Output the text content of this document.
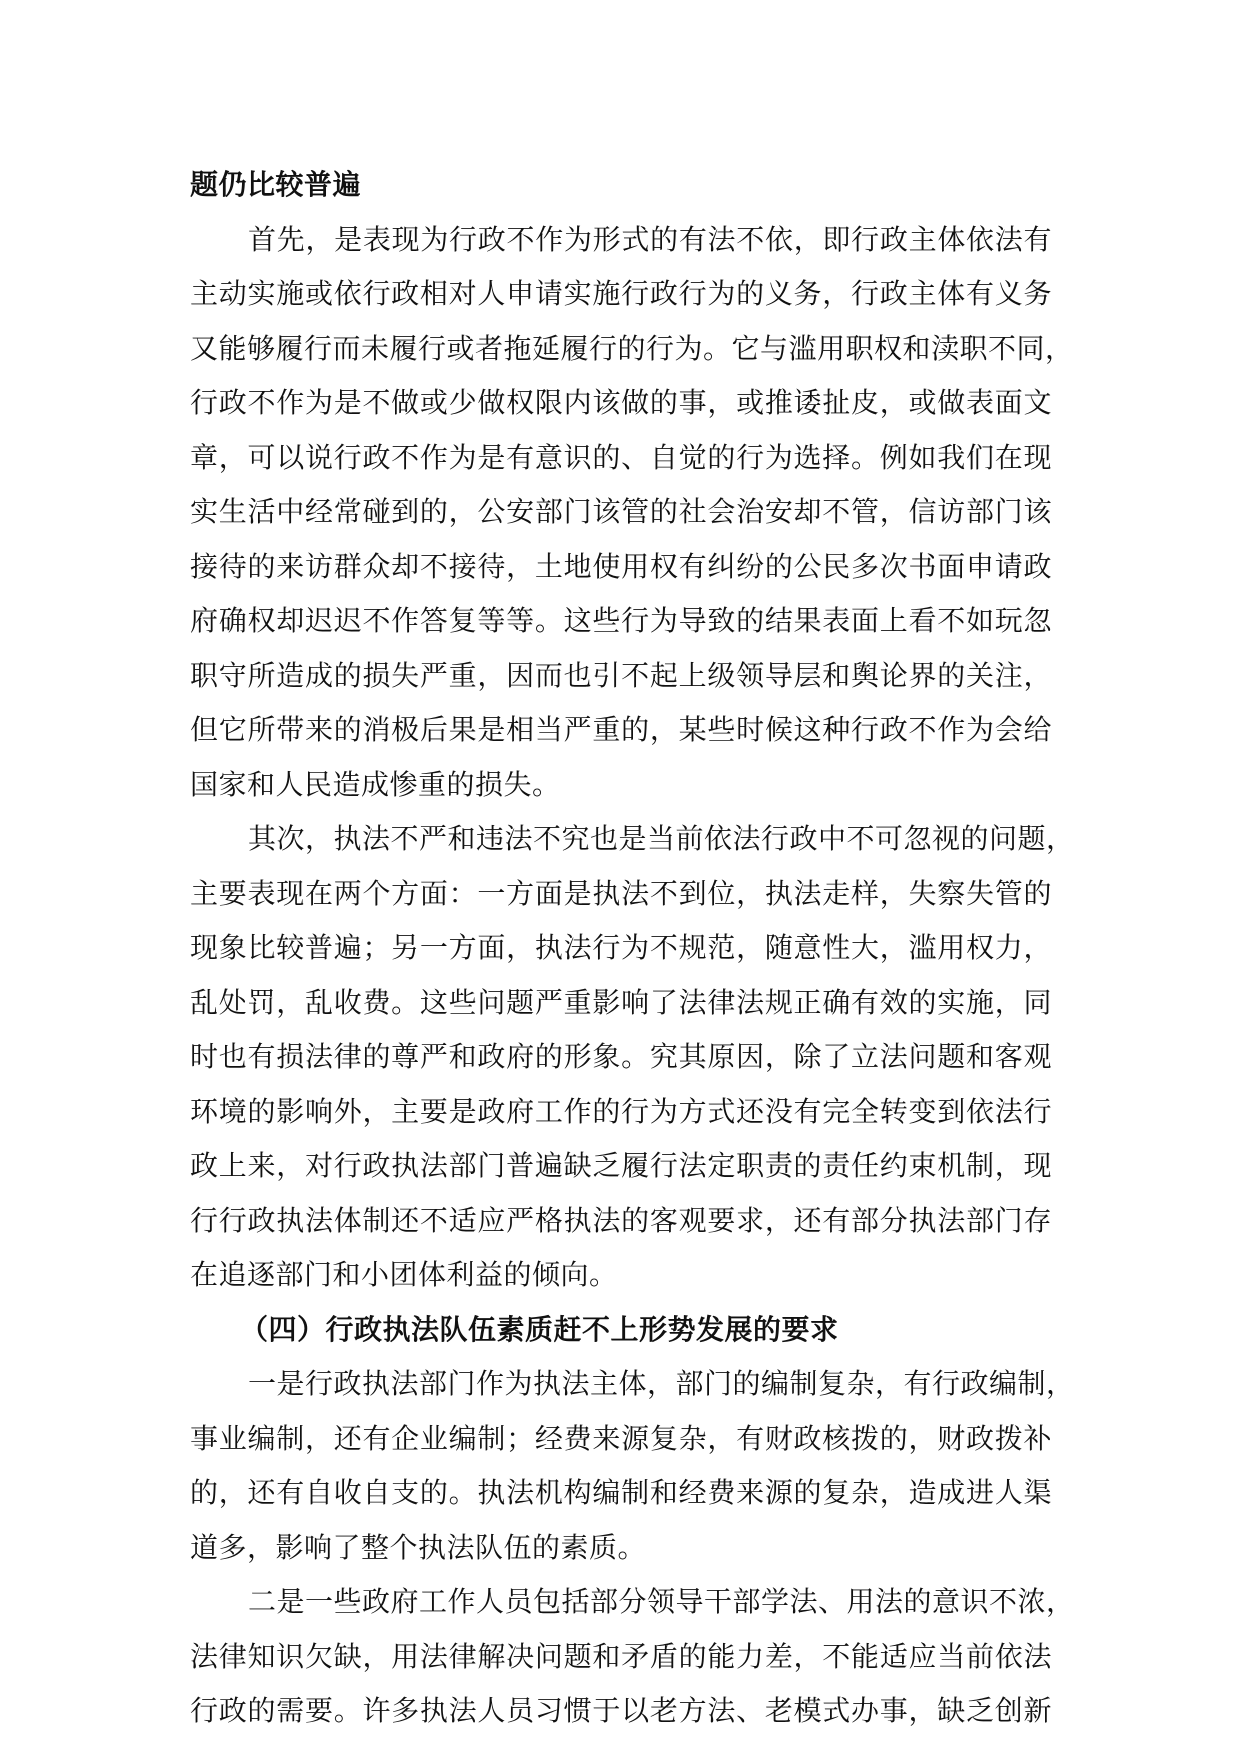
题仍比较普遍
首先，是表现为行政不作为形式的有法不依，即行政主体依法有
主动实施或依行政相对人申请实施行政行为的义务，行政主体有义务
又能够履行而未履行或者拖延履行的行为。它与滥用职权和渎职不同，
行政不作为是不做或少做权限内该做的事，或推诿扯皮，或做表面文
章，可以说行政不作为是有意识的、自觉的行为选择。例如我们在现
实生活中经常碰到的，公安部门该管的社会治安却不管，信访部门该
接待的来访群众却不接待，土地使用权有纠纷的公民多次书面申请政
府确权却迟迟不作答复等等。这些行为导致的结果表面上看不如玩忽
职守所造成的损失严重，因而也引不起上级领导层和舆论界的关注，
但它所带来的消极后果是相当严重的，某些时候这种行政不作为会给
国家和人民造成惨重的损失。
其次，执法不严和违法不究也是当前依法行政中不可忽视的问题，
主要表现在两个方面：一方面是执法不到位，执法走样，失察失管的
现象比较普遍；另一方面，执法行为不规范，随意性大，滥用权力，
乱处罚，乱收费。这些问题严重影响了法律法规正确有效的实施，同
时也有损法律的尊严和政府的形象。究其原因，除了立法问题和客观
环境的影响外，主要是政府工作的行为方式还没有完全转变到依法行
政上来，对行政执法部门普遍缺乏履行法定职责的责任约束机制，现
行行政执法体制还不适应严格执法的客观要求，还有部分执法部门存
在追逐部门和小团体利益的倾向。
（四）行政执法队伍素质赶不上形势发展的要求
一是行政执法部门作为执法主体，部门的编制复杂，有行政编制，
事业编制，还有企业编制；经费来源复杂，有财政核拨的，财政拨补
的，还有自收自支的。执法机构编制和经费来源的复杂，造成进人渠
道多，影响了整个执法队伍的素质。
二是一些政府工作人员包括部分领导干部学法、用法的意识不浓，
法律知识欠缺，用法律解决问题和矛盾的能力差，不能适应当前依法
行政的需要。许多执法人员习惯于以老方法、老模式办事，缺乏创新
